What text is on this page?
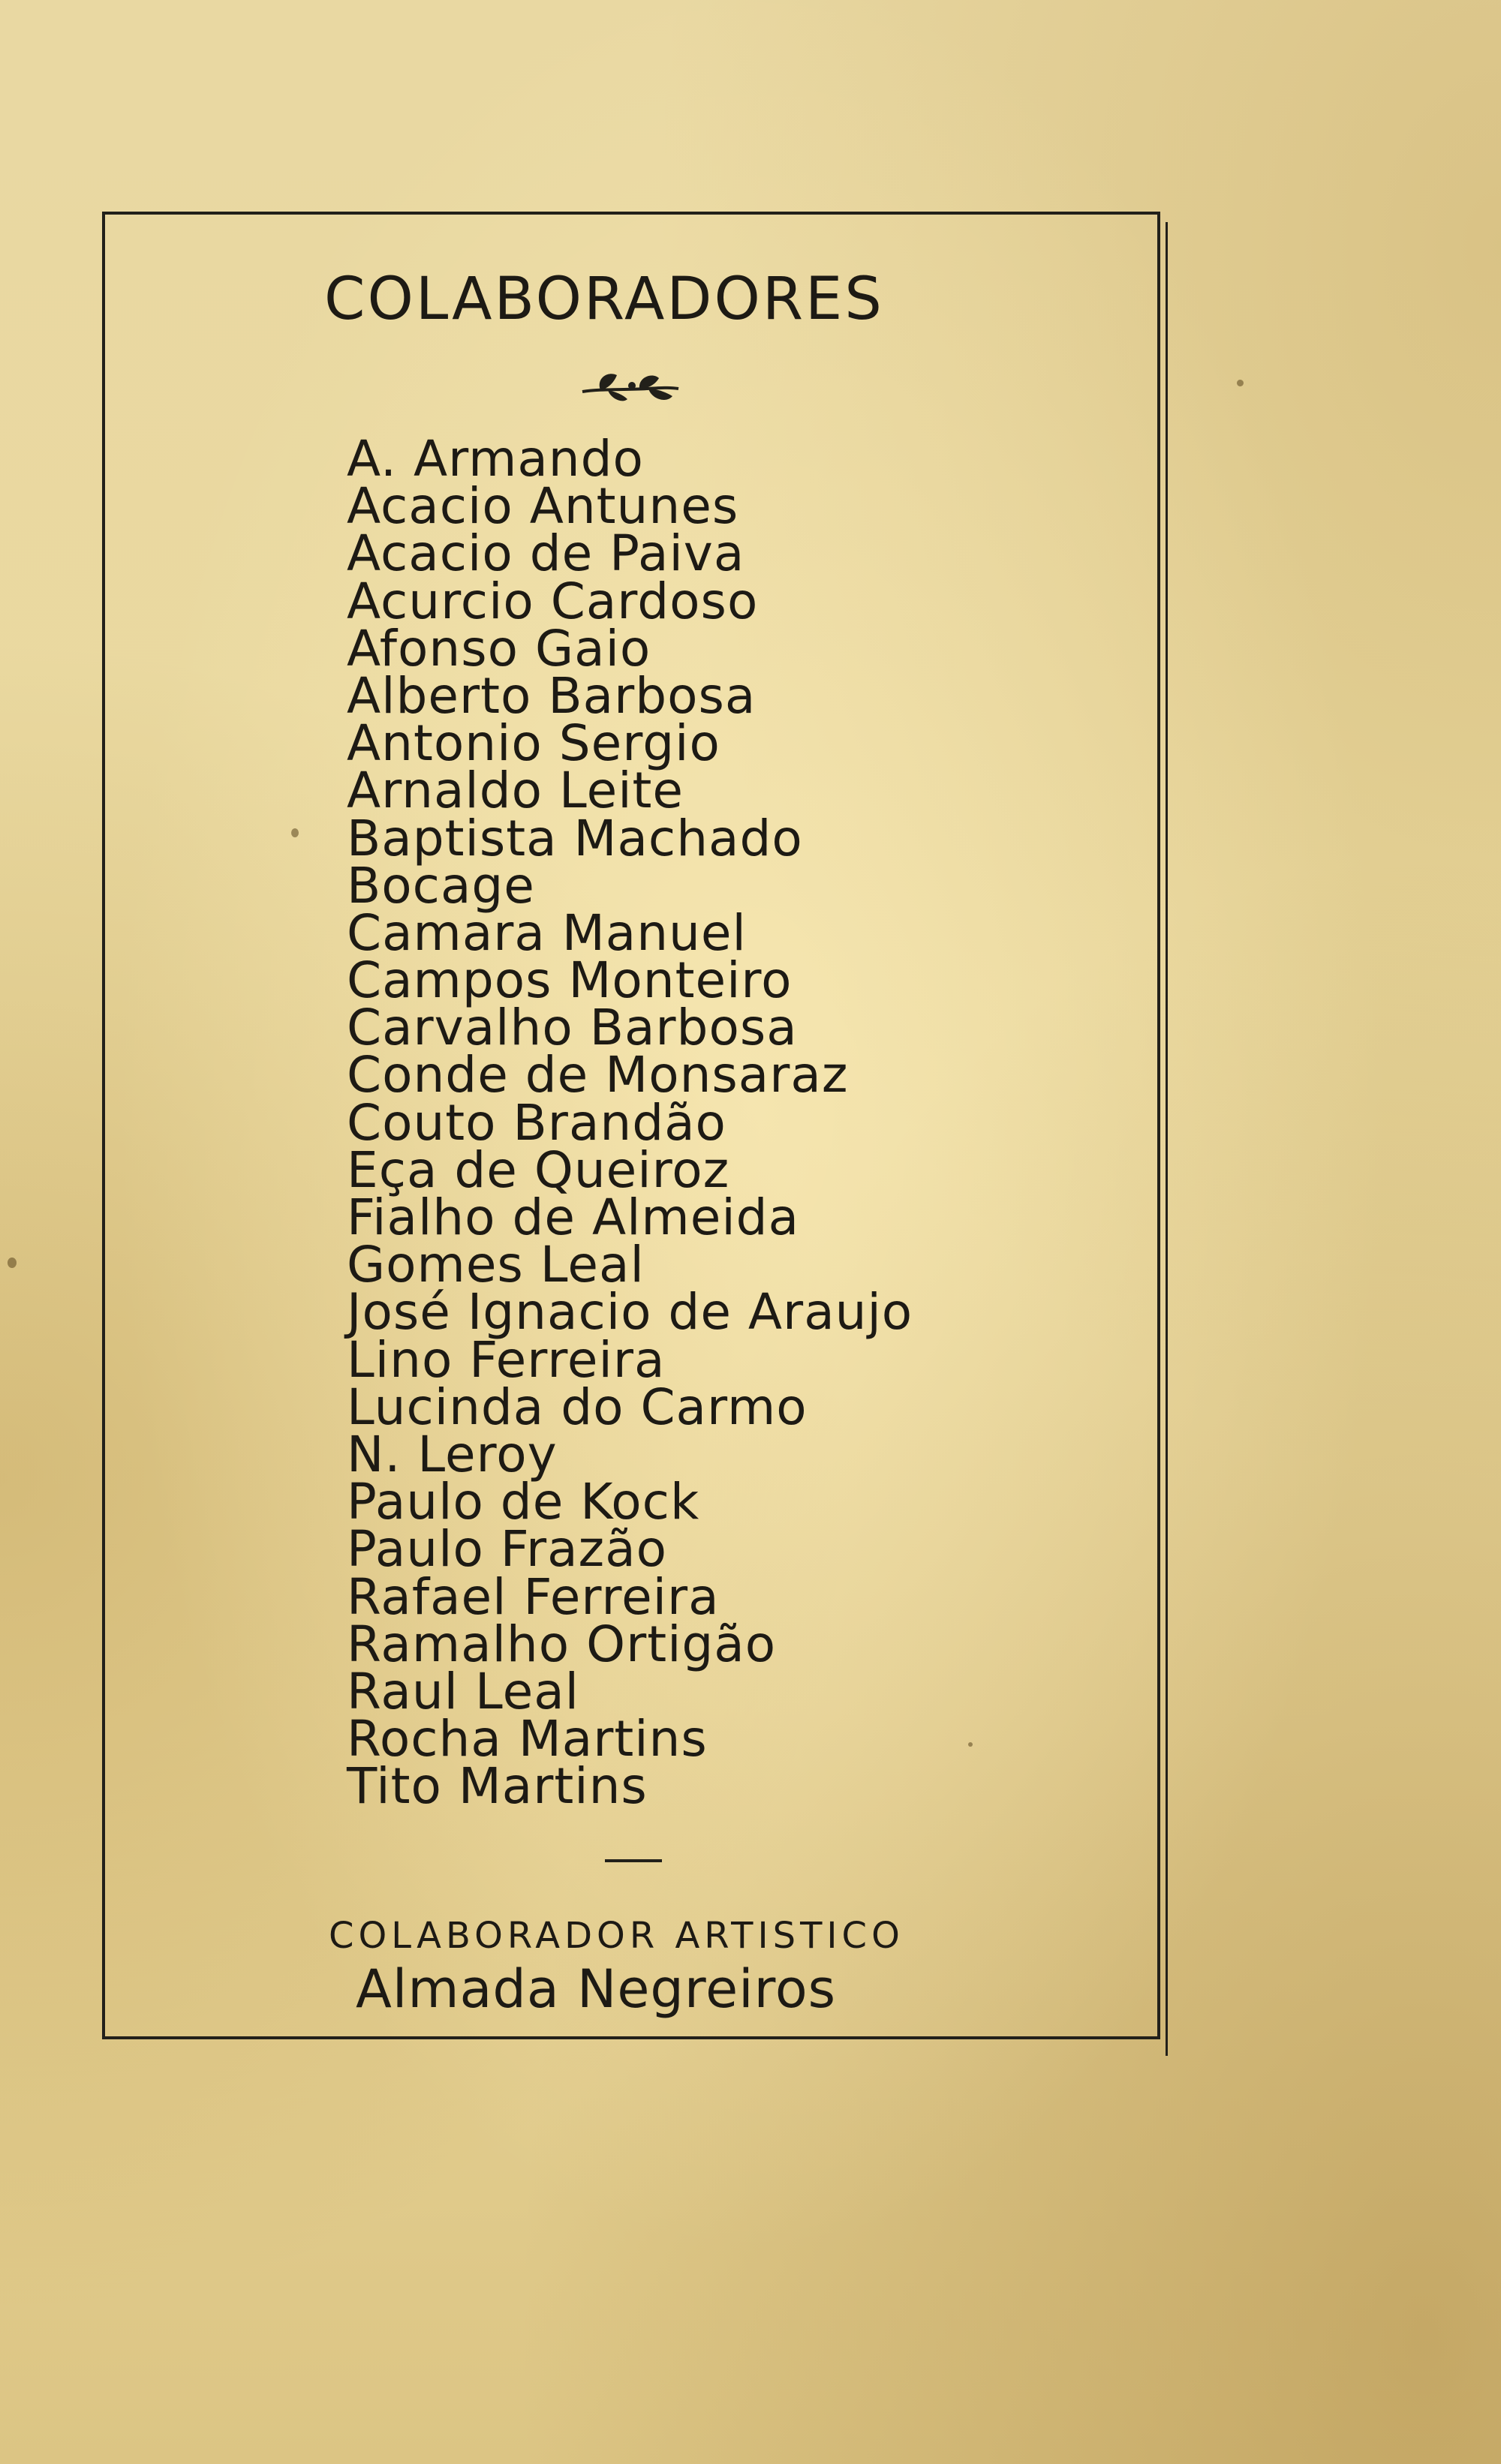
COLABORADORES
A. Armando
Acacio Antunes
Acacio de Paiva
Acurcio Cardoso
Afonso Gaio
Alberto Barbosa
Antonio Sergio
Arnaldo Leite
Baptista Machado
Bocage
Camara Manuel
Campos Monteiro
Carvalho Barbosa
Conde de Monsaraz
Couto Brandão
Eça de Queiroz
Fialho de Almeida
Gomes Leal
José Ignacio de Araujo
Lino Ferreira
Lucinda do Carmo
N. Leroy
Paulo de Kock
Paulo Frazão
Rafael Ferreira
Ramalho Ortigão
Raul Leal
Rocha Martins
Tito Martins
COLABORADOR ARTISTICO
Almada Negreiros
